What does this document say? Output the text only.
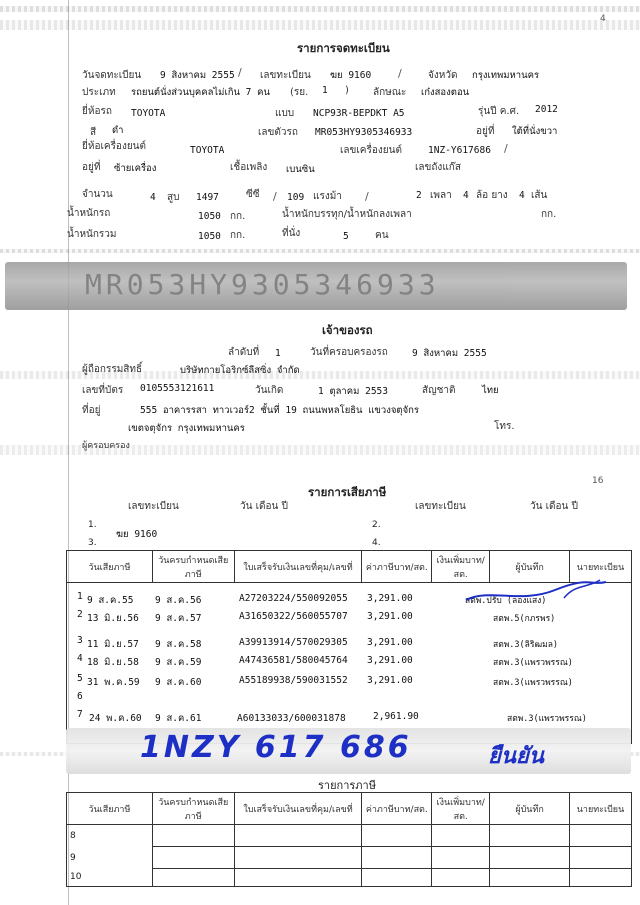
4
รายการจดทะเบียน
วันจดทะเบียน 9 สิงหาคม 2555	เลขทะเบียน ฆย 9160	จังหวัด กรุงเทพมหานคร
ประเภท รถยนต์นั่งส่วนบุคคลไม่เกิน 7 คน (รย. 1 ) ลักษณะ เก๋งสองตอน
ยี่ห้อรถ TOYOTA	แบบ NCP93R-BEPDKT A5	รุ่นปี ค.ศ. 2012
สี ดำ	เลขตัวรถ MR053HY9305346933	อยู่ที่ ใต้ที่นั่งขวา
ยี่ห้อเครื่องยนต์	TOYOTA	เลขเครื่องยนต์	1NZ-Y617686
อยู่ที่ ซ้ายเครื่อง	เชื้อเพลิง เบนซิน	เลขถังแก๊ส
จำนวน	4 สูบ 1497	ซีซี	109 แรงม้า	2 เพลา 4 ล้อ ยาง 4 เส้น
น้ำหนักรถ	1050 กก.	น้ำหนักบรรทุก/น้ำหนักลงเพลา	กก.
น้ำหนักรวม	1050 กก.	ที่นั่ง	5	คน
/	/
/	/
/
MR053HY9305346933
เจ้าของรถ
ลำดับที่ 1	วันที่ครอบครองรถ	9 สิงหาคม 2555
ผู้ถือกรรมสิทธิ์	บริษัทกายโอริกซ์ลีสซิ่ง จำกัด
เลขที่บัตร 0105553121611	วันเกิด	1 ตุลาคม 2553	สัญชาติ	ไทย
ที่อยู่	555 อาคารรสา ทาวเวอร์2 ชั้นที่ 19 ถนนพหลโยธิน แขวงจตุจักร
เขตจตุจักร กรุงเทพมหานคร	โทร.
ผู้ครอบครอง
16
รายการเสียภาษี
เลขทะเบียน	วัน เดือน ปี	เลขทะเบียน	วัน เดือน ปี
1.
ฆย 9160
2.
3.	4.
วันเสียภาษี	วันครบกำหนดเสียภาษี	ใบเสร็จรับเงินเลขที่คุม/เลขที่	ค่าภาษีบาท/สต.	เงินเพิ่มบาท/สต.	ผู้บันทึก	นายทะเบียน

1 9 ส.ค.55 9 ส.ค.56	A27203224/550092055 3,291.00	สตพ.ปรับ (ลองแสง)
2 13 มิ.ย.56 9 ส.ค.57	A31650322/560055707 3,291.00	สตพ.5(กภรพร)
3 11 มิ.ย.57 9 ส.ค.58	A39913914/570029305 3,291.00	สตพ.3(ลิริฒมล)
4 18 มิ.ย.58 9 ส.ค.59	A47436581/580045764 3,291.00	สตพ.3(แพรวพรรณ)
5 31 พ.ค.59 9 ส.ค.60	A55189938/590031552 3,291.00	สตพ.3(แพรวพรรณ)
6
7 24 พ.ค.60 9 ส.ค.61	A60133033/600031878	2,961.90	สตพ.3(แพรวพรรณ)
1NZY 617 686	ยืนยัน
รายการภาษี
วันเสียภาษี	วันครบกำหนดเสียภาษี	ใบเสร็จรับเงินเลขที่คุม/เลขที่	ค่าภาษีบาท/สต.	เงินเพิ่มบาท/สต.	ผู้บันทึก	นายทะเบียน
8						
9						
10						
